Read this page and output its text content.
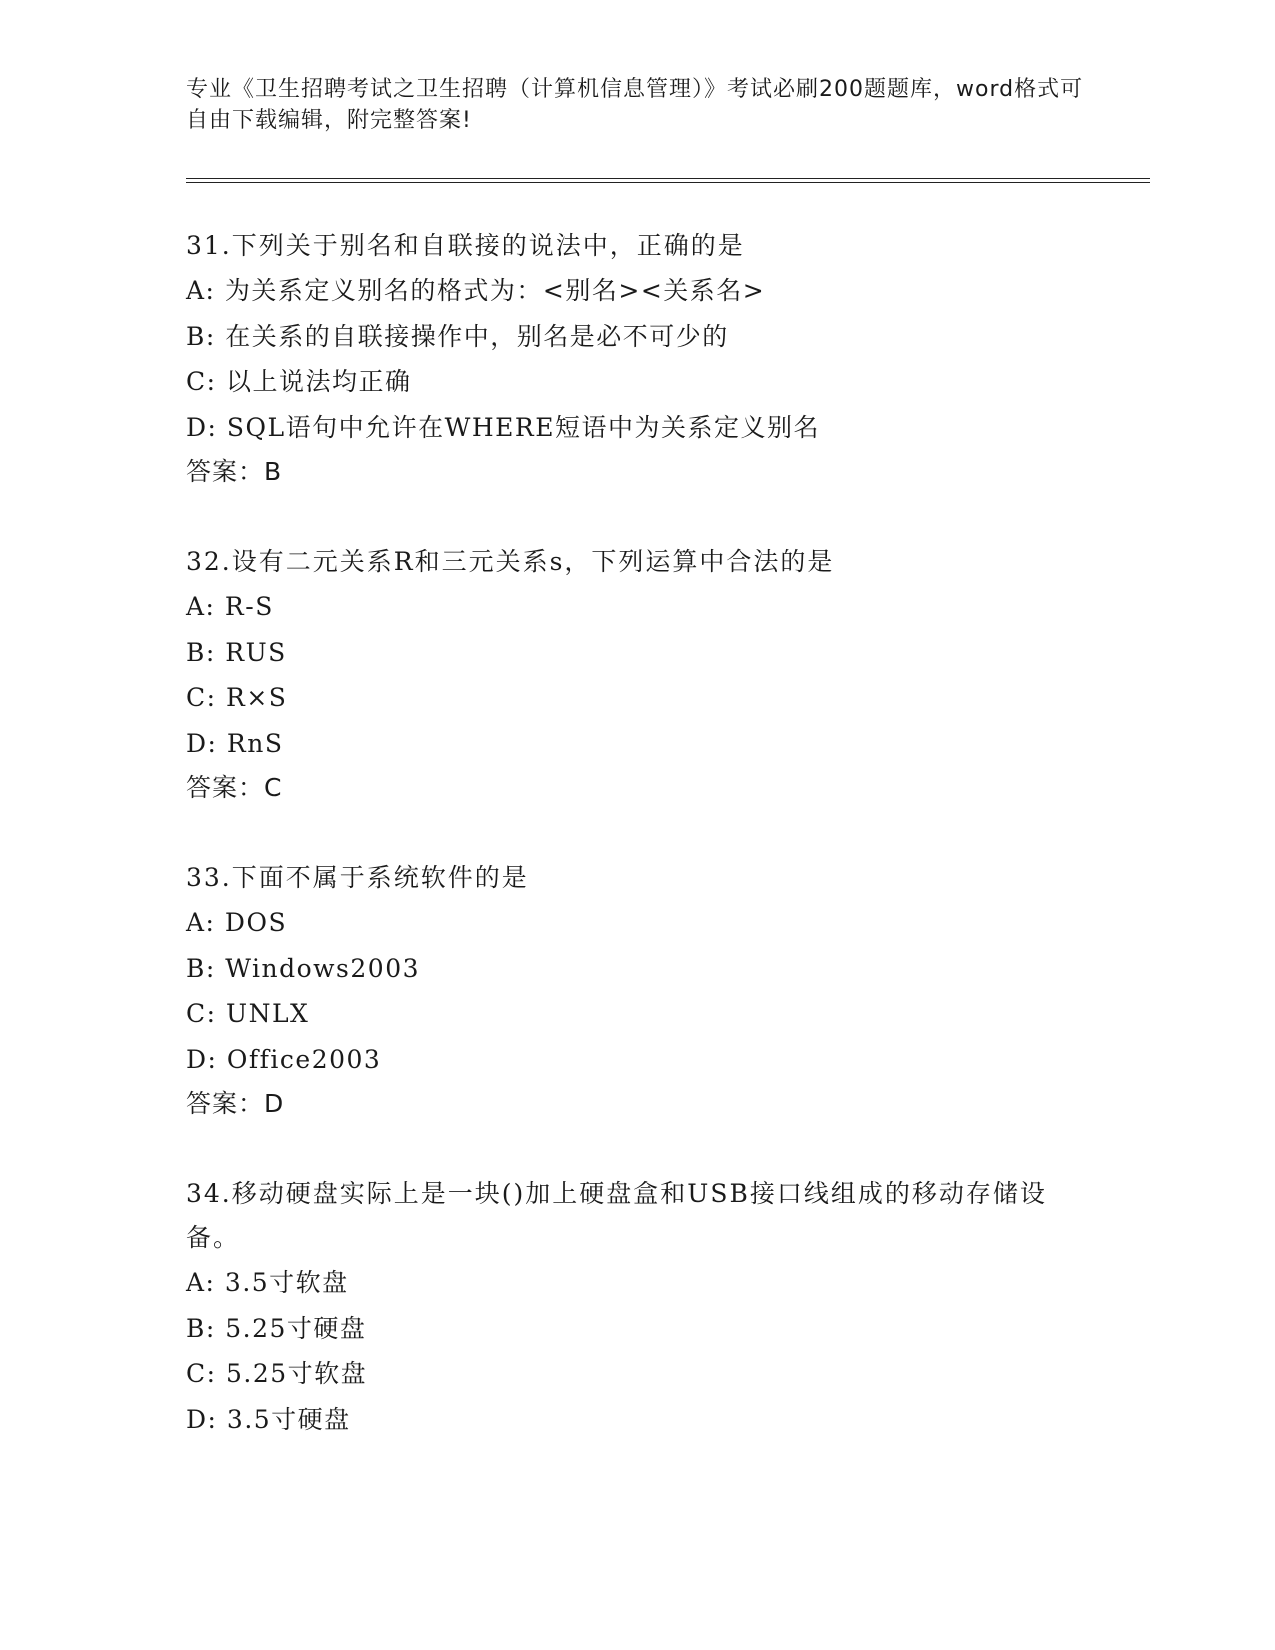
专业《卫生招聘考试之卫生招聘（计算机信息管理）》考试必刷200题题库，word格式可自由下载编辑，附完整答案!
31.下列关于别名和自联接的说法中，正确的是
A: 为关系定义别名的格式为：<别名><关系名>
B: 在关系的自联接操作中，别名是必不可少的
C: 以上说法均正确
D: SQL语句中允许在WHERE短语中为关系定义别名
答案：B
32.设有二元关系R和三元关系s，下列运算中合法的是
A: R-S
B: RUS
C: R×S
D: RnS
答案：C
33.下面不属于系统软件的是
A: DOS
B: Windows2003
C: UNLX
D: Office2003
答案：D
34.移动硬盘实际上是一块()加上硬盘盒和USB接口线组成的移动存储设备。
A: 3.5寸软盘
B: 5.25寸硬盘
C: 5.25寸软盘
D: 3.5寸硬盘
